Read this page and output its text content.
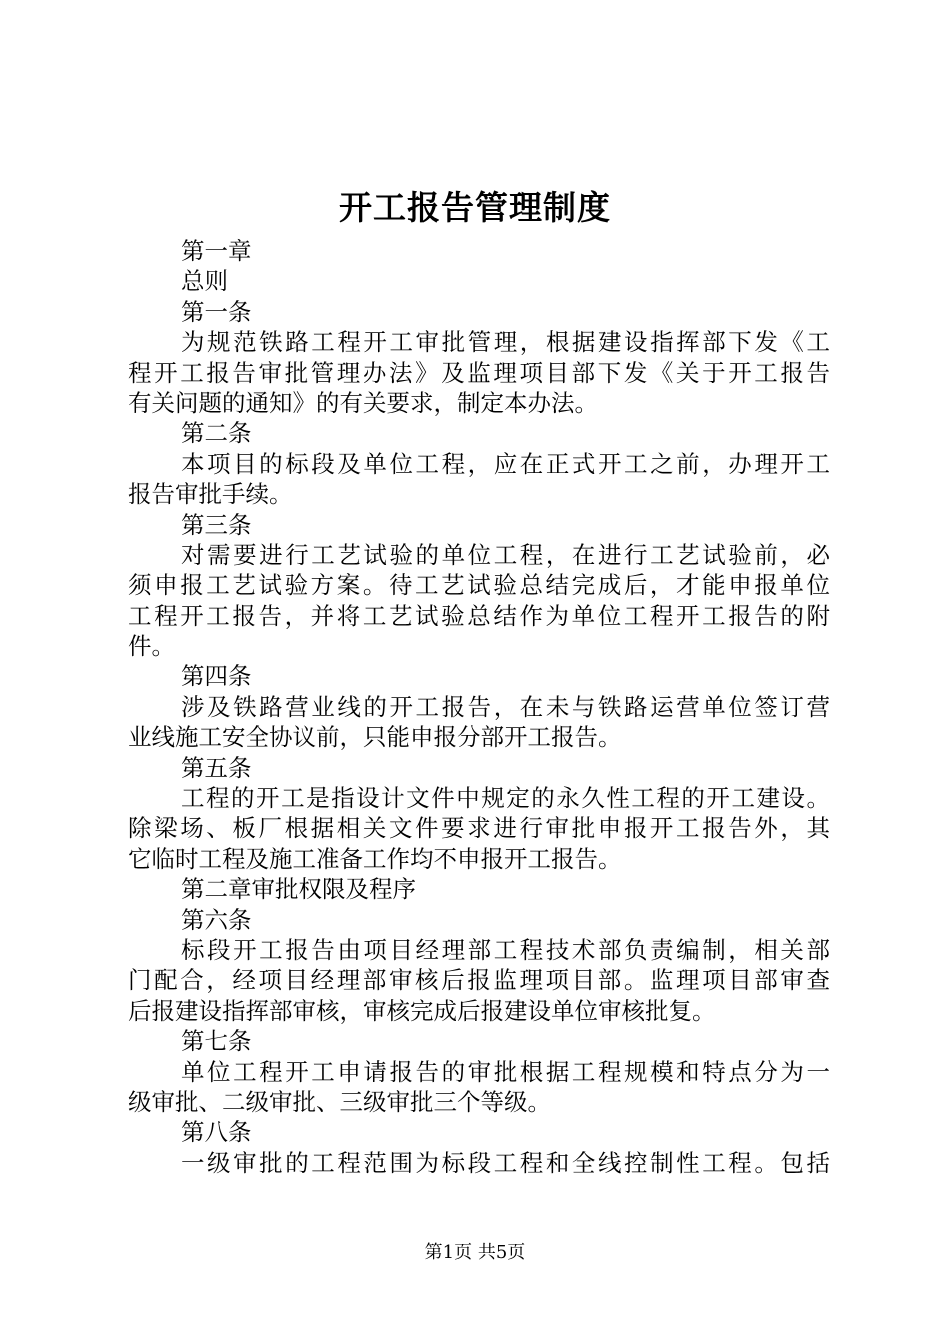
开工报告管理制度
第一章
总则
第一条
为规范铁路工程开工审批管理，根据建设指挥部下发《工
程开工报告审批管理办法》及监理项目部下发《关于开工报告
有关问题的通知》的有关要求，制定本办法。
第二条
本项目的标段及单位工程，应在正式开工之前，办理开工
报告审批手续。
第三条
对需要进行工艺试验的单位工程，在进行工艺试验前，必
须申报工艺试验方案。待工艺试验总结完成后，才能申报单位
工程开工报告，并将工艺试验总结作为单位工程开工报告的附
件。
第四条
涉及铁路营业线的开工报告，在未与铁路运营单位签订营
业线施工安全协议前，只能申报分部开工报告。
第五条
工程的开工是指设计文件中规定的永久性工程的开工建设。
除梁场、板厂根据相关文件要求进行审批申报开工报告外，其
它临时工程及施工准备工作均不申报开工报告。
第二章审批权限及程序
第六条
标段开工报告由项目经理部工程技术部负责编制，相关部
门配合，经项目经理部审核后报监理项目部。监理项目部审查
后报建设指挥部审核，审核完成后报建设单位审核批复。
第七条
单位工程开工申请报告的审批根据工程规模和特点分为一
级审批、二级审批、三级审批三个等级。
第八条
一级审批的工程范围为标段工程和全线控制性工程。包括
第1页 共5页
